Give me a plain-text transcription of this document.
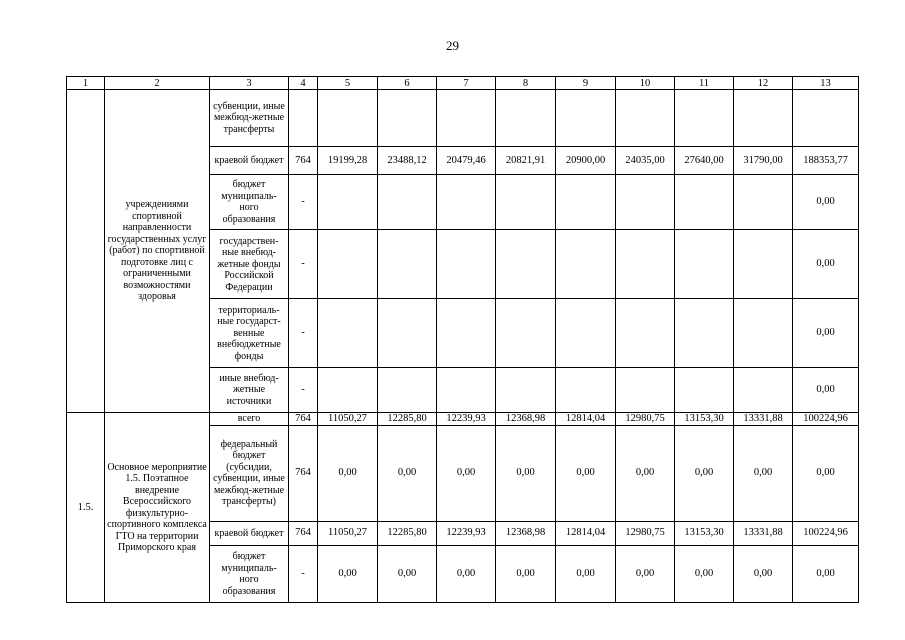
29
1	2	3	4	5	6	7	8	9	10	11	12	13
	учреждениями спортивной направленности государственных услуг (работ) по спортивной подготовке лиц с ограниченными возможностями здоровья	субвенции, иные межбюд-жетные трансферты										
		краевой бюджет	764	19199,28	23488,12	20479,46	20821,91	20900,00	24035,00	27640,00	31790,00	188353,77
		бюджет муниципаль-ного образования	-									0,00
		государствен-ные внебюд-жетные фонды Российской Федерации	-									0,00
		территориаль-ные государст-венные внебюджетные фонды	-									0,00
		иные внебюд-жетные источники	-									0,00
1.5.	Основное мероприятие 1.5. Поэтапное внедрение Всероссийского физкультурно-спортивного комплекса ГТО на территории Приморского края	всего	764	11050,27	12285,80	12239,93	12368,98	12814,04	12980,75	13153,30	13331,88	100224,96
		федеральный бюджет (субсидии, субвенции, иные межбюд-жетные трансферты)	764	0,00	0,00	0,00	0,00	0,00	0,00	0,00	0,00	0,00
		краевой бюджет	764	11050,27	12285,80	12239,93	12368,98	12814,04	12980,75	13153,30	13331,88	100224,96
		бюджет муниципаль-ного образования	-	0,00	0,00	0,00	0,00	0,00	0,00	0,00	0,00	0,00
